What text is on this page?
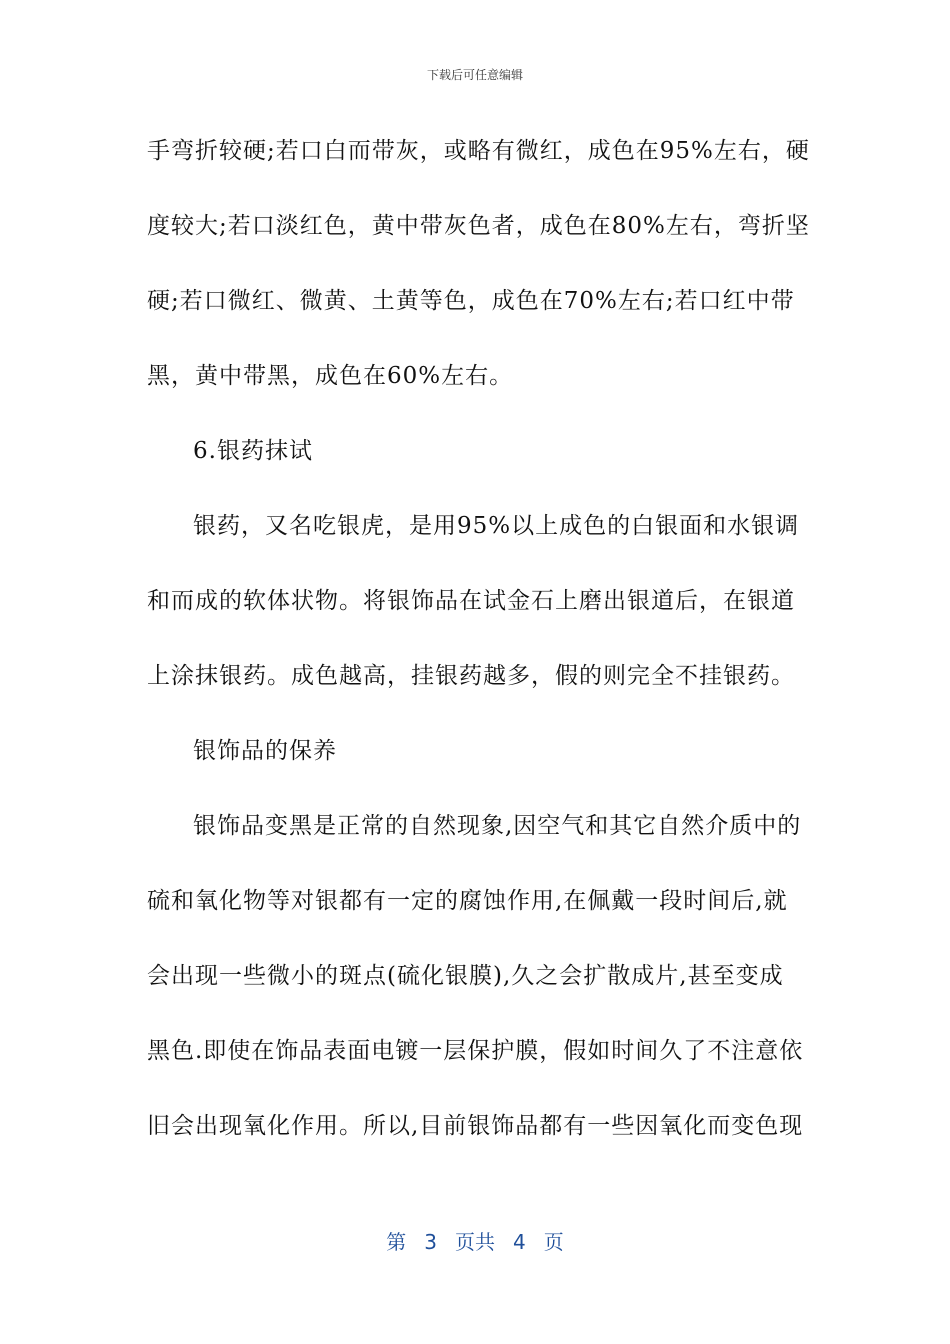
下载后可任意编辑
手弯折较硬;若口白而带灰，或略有微红，成色在95%左右，硬
度较大;若口淡红色，黄中带灰色者，成色在80%左右，弯折坚
硬;若口微红、微黄、土黄等色，成色在70%左右;若口红中带
黑，黄中带黑，成色在60%左右。
6.银药抹试
银药，又名吃银虎，是用95%以上成色的白银面和水银调
和而成的软体状物。将银饰品在试金石上磨出银道后，在银道
上涂抹银药。成色越高，挂银药越多，假的则完全不挂银药。
银饰品的保养
银饰品变黑是正常的自然现象,因空气和其它自然介质中的
硫和氧化物等对银都有一定的腐蚀作用,在佩戴一段时间后,就
会出现一些微小的斑点(硫化银膜),久之会扩散成片,甚至变成
黑色.即使在饰品表面电镀一层保护膜，假如时间久了不注意依
旧会出现氧化作用。所以,目前银饰品都有一些因氧化而变色现
第 3 页共 4 页
